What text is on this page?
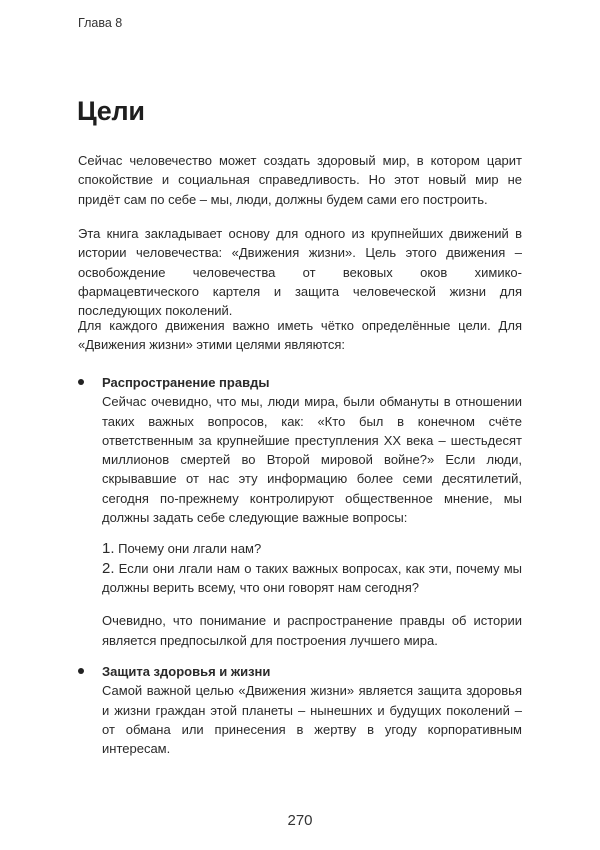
Глава 8
Цели

Сейчас человечество может создать здоровый мир, в котором царит спокойствие и социальная справедливость. Но этот новый мир не придёт сам по себе – мы, люди, должны будем сами его построить.

Эта книга закладывает основу для одного из крупнейших движений в истории человечества: «Движения жизни». Цель этого движения – освобождение человечества от вековых оков химико-фармацевтического картеля и защита человеческой жизни для последующих поколений.

Для каждого движения важно иметь чётко определённые цели. Для «Движения жизни» этими целями являются:

Распространение правды

Сейчас очевидно, что мы, люди мира, были обмануты в отношении таких важных вопросов, как: «Кто был в конечном счёте ответственным за крупнейшие преступления XX века – шестьдесят миллионов смертей во Второй мировой войне?» Если люди, скрывавшие от нас эту информацию более семи десятилетий, сегодня по-прежнему контролируют общественное мнение, мы должны задать себе следующие важные вопросы:

1. Почему они лгали нам?

2. Если они лгали нам о таких важных вопросах, как эти, почему мы должны верить всему, что они говорят нам сегодня?

Очевидно, что понимание и распространение правды об истории является предпосылкой для построения лучшего мира.

Защита здоровья и жизни

Самой важной целью «Движения жизни» является защита здоровья и жизни граждан этой планеты – нынешних и будущих поколений – от обмана или принесения в жертву в угоду корпоративным интересам.

270
